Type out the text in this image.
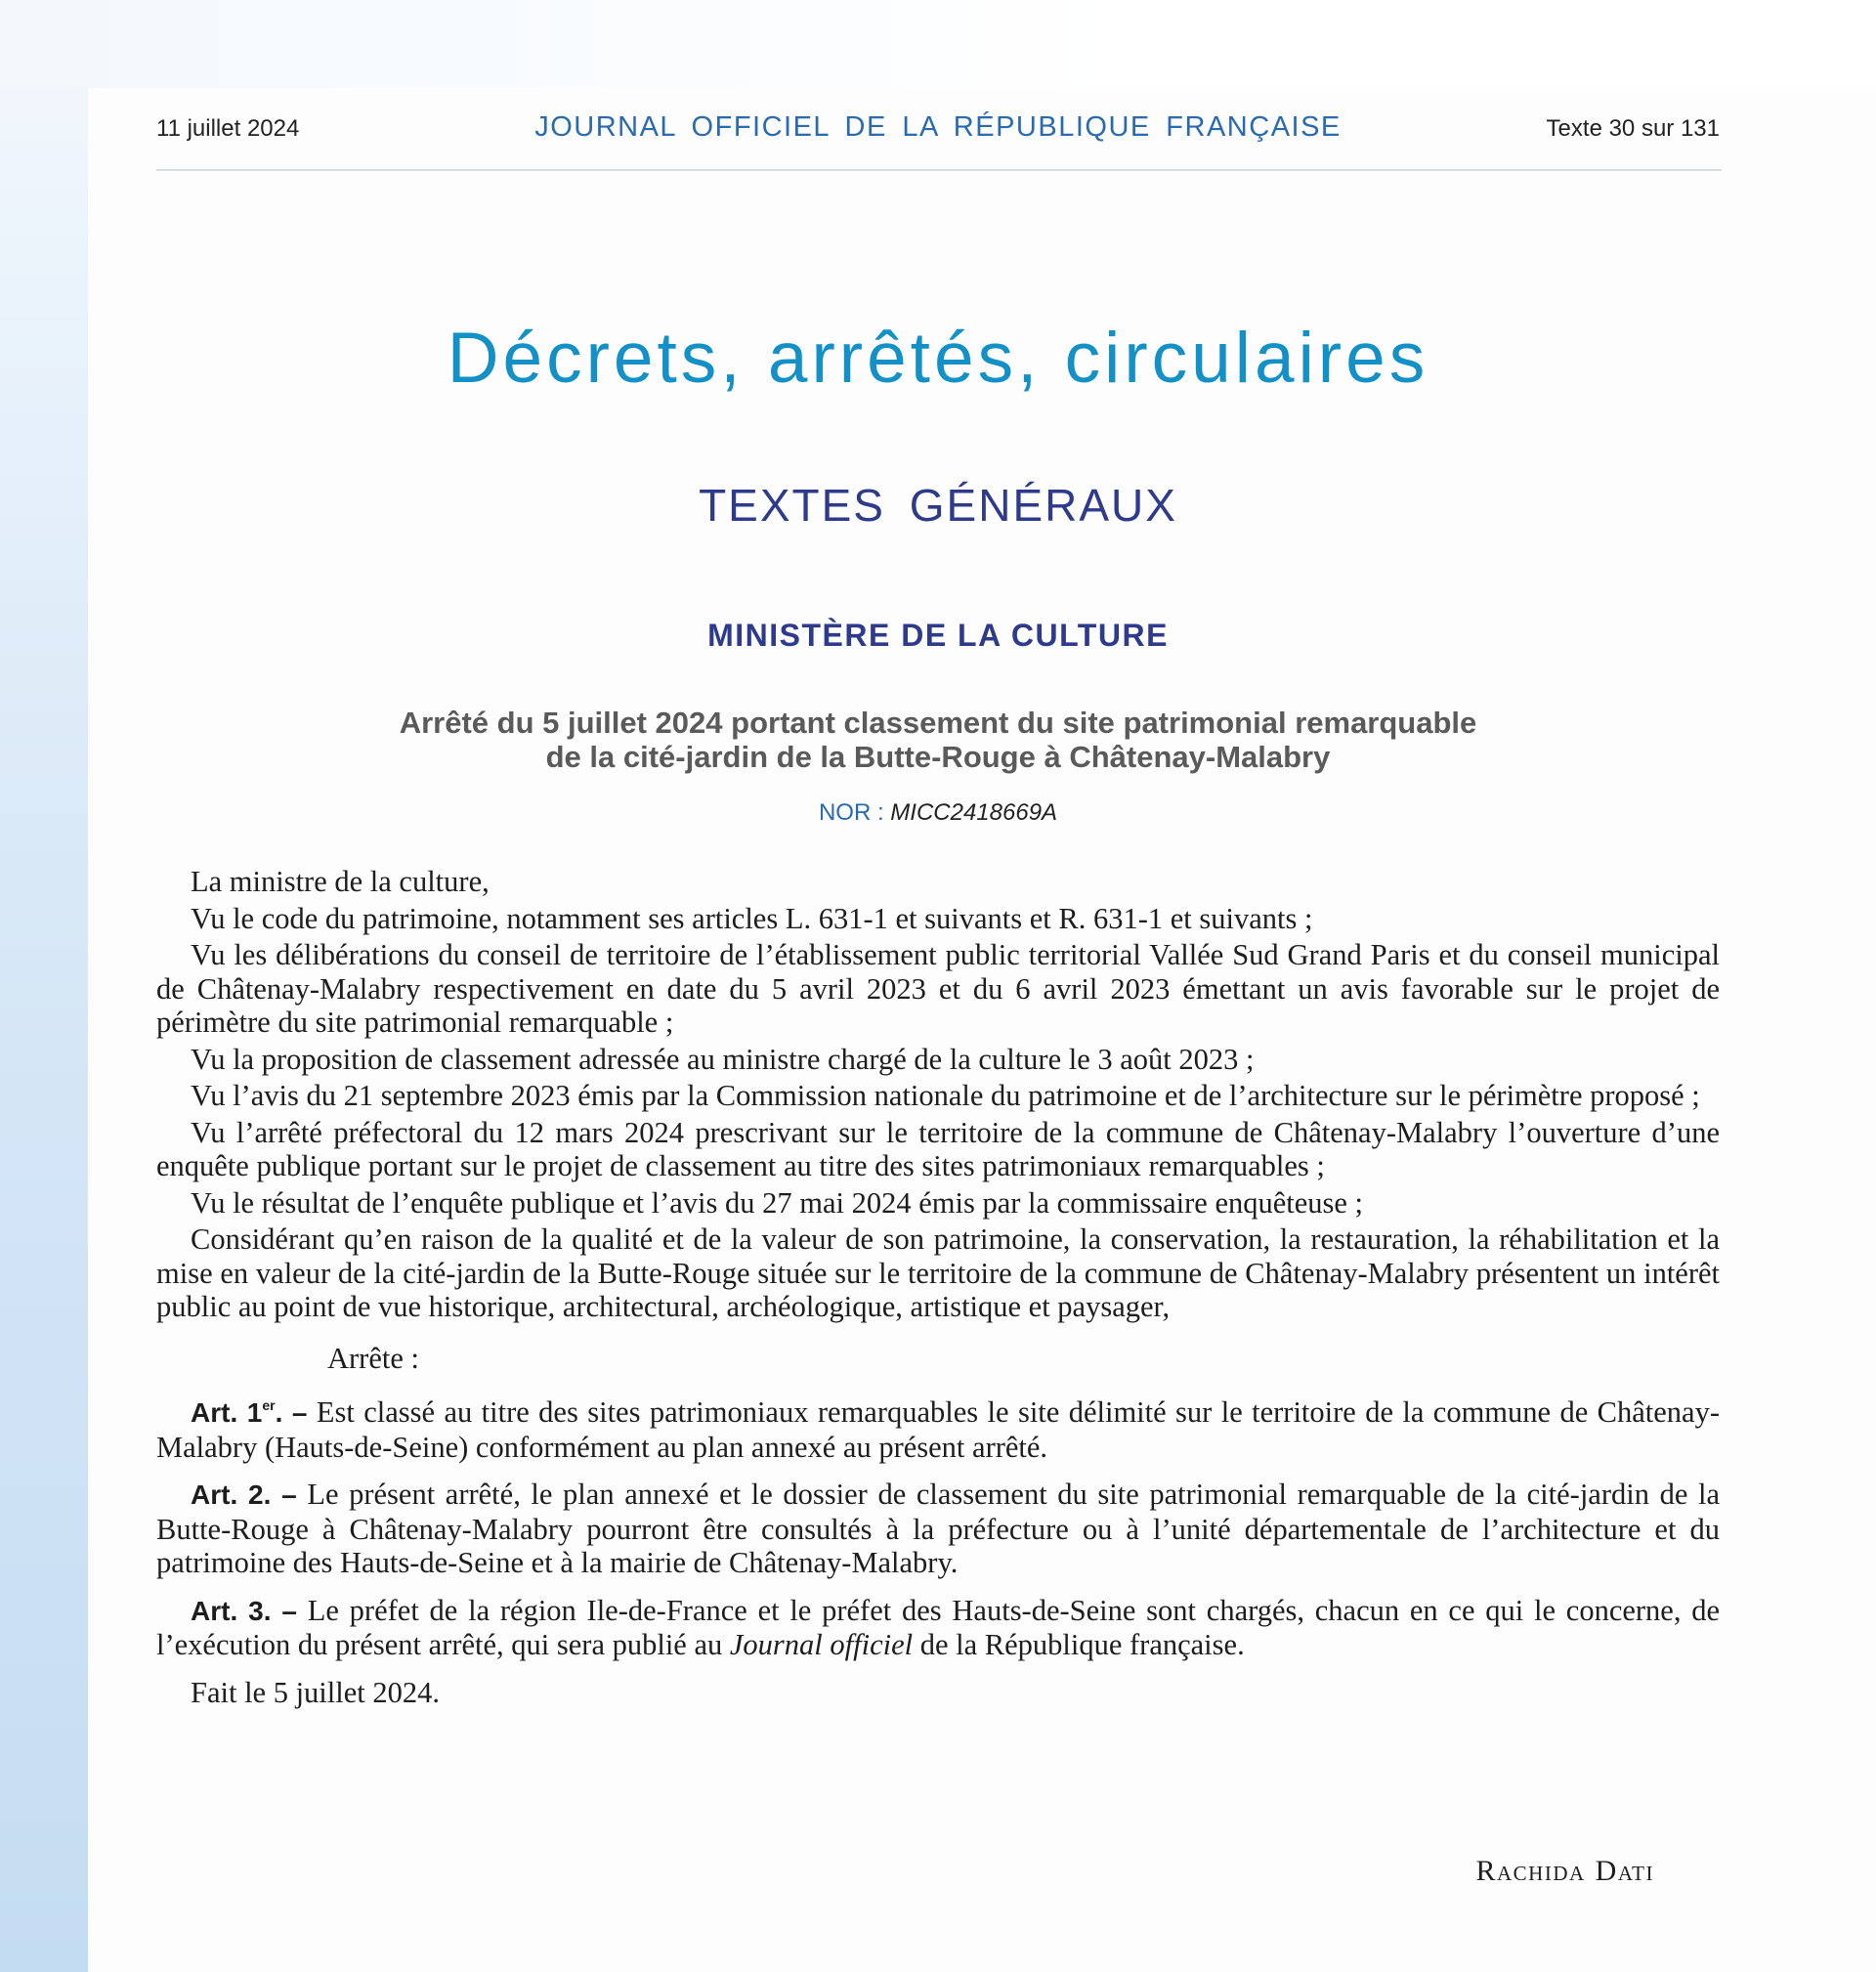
11 juillet 2024	JOURNAL OFFICIEL DE LA RÉPUBLIQUE FRANÇAISE	Texte 30 sur 131
Décrets, arrêtés, circulaires
TEXTES GÉNÉRAUX
MINISTÈRE DE LA CULTURE
Arrêté du 5 juillet 2024 portant classement du site patrimonial remarquable
de la cité-jardin de la Butte-Rouge à Châtenay-Malabry
NOR : MICC2418669A

La ministre de la culture,

Vu le code du patrimoine, notamment ses articles L. 631-1 et suivants et R. 631-1 et suivants ;

Vu les délibérations du conseil de territoire de l’établissement public territorial Vallée Sud Grand Paris et du conseil municipal de Châtenay-Malabry respectivement en date du 5 avril 2023 et du 6 avril 2023 émettant un avis favorable sur le projet de périmètre du site patrimonial remarquable ;

Vu la proposition de classement adressée au ministre chargé de la culture le 3 août 2023 ;

Vu l’avis du 21 septembre 2023 émis par la Commission nationale du patrimoine et de l’architecture sur le périmètre proposé ;

Vu l’arrêté préfectoral du 12 mars 2024 prescrivant sur le territoire de la commune de Châtenay-Malabry l’ouverture d’une enquête publique portant sur le projet de classement au titre des sites patrimoniaux remarquables ;

Vu le résultat de l’enquête publique et l’avis du 27 mai 2024 émis par la commissaire enquêteuse ;

Considérant qu’en raison de la qualité et de la valeur de son patrimoine, la conservation, la restauration, la réhabilitation et la mise en valeur de la cité-jardin de la Butte-Rouge située sur le territoire de la commune de Châtenay-Malabry présentent un intérêt public au point de vue historique, architectural, archéologique, artistique et paysager,

Arrête :

Art. 1er. – Est classé au titre des sites patrimoniaux remarquables le site délimité sur le territoire de la commune de Châtenay-Malabry (Hauts-de-Seine) conformément au plan annexé au présent arrêté.

Art. 2. – Le présent arrêté, le plan annexé et le dossier de classement du site patrimonial remarquable de la cité-jardin de la Butte-Rouge à Châtenay-Malabry pourront être consultés à la préfecture ou à l’unité départementale de l’architecture et du patrimoine des Hauts-de-Seine et à la mairie de Châtenay-Malabry.

Art. 3. – Le préfet de la région Ile-de-France et le préfet des Hauts-de-Seine sont chargés, chacun en ce qui le concerne, de l’exécution du présent arrêté, qui sera publié au Journal officiel de la République française.

Fait le 5 juillet 2024.

Rachida Dati
